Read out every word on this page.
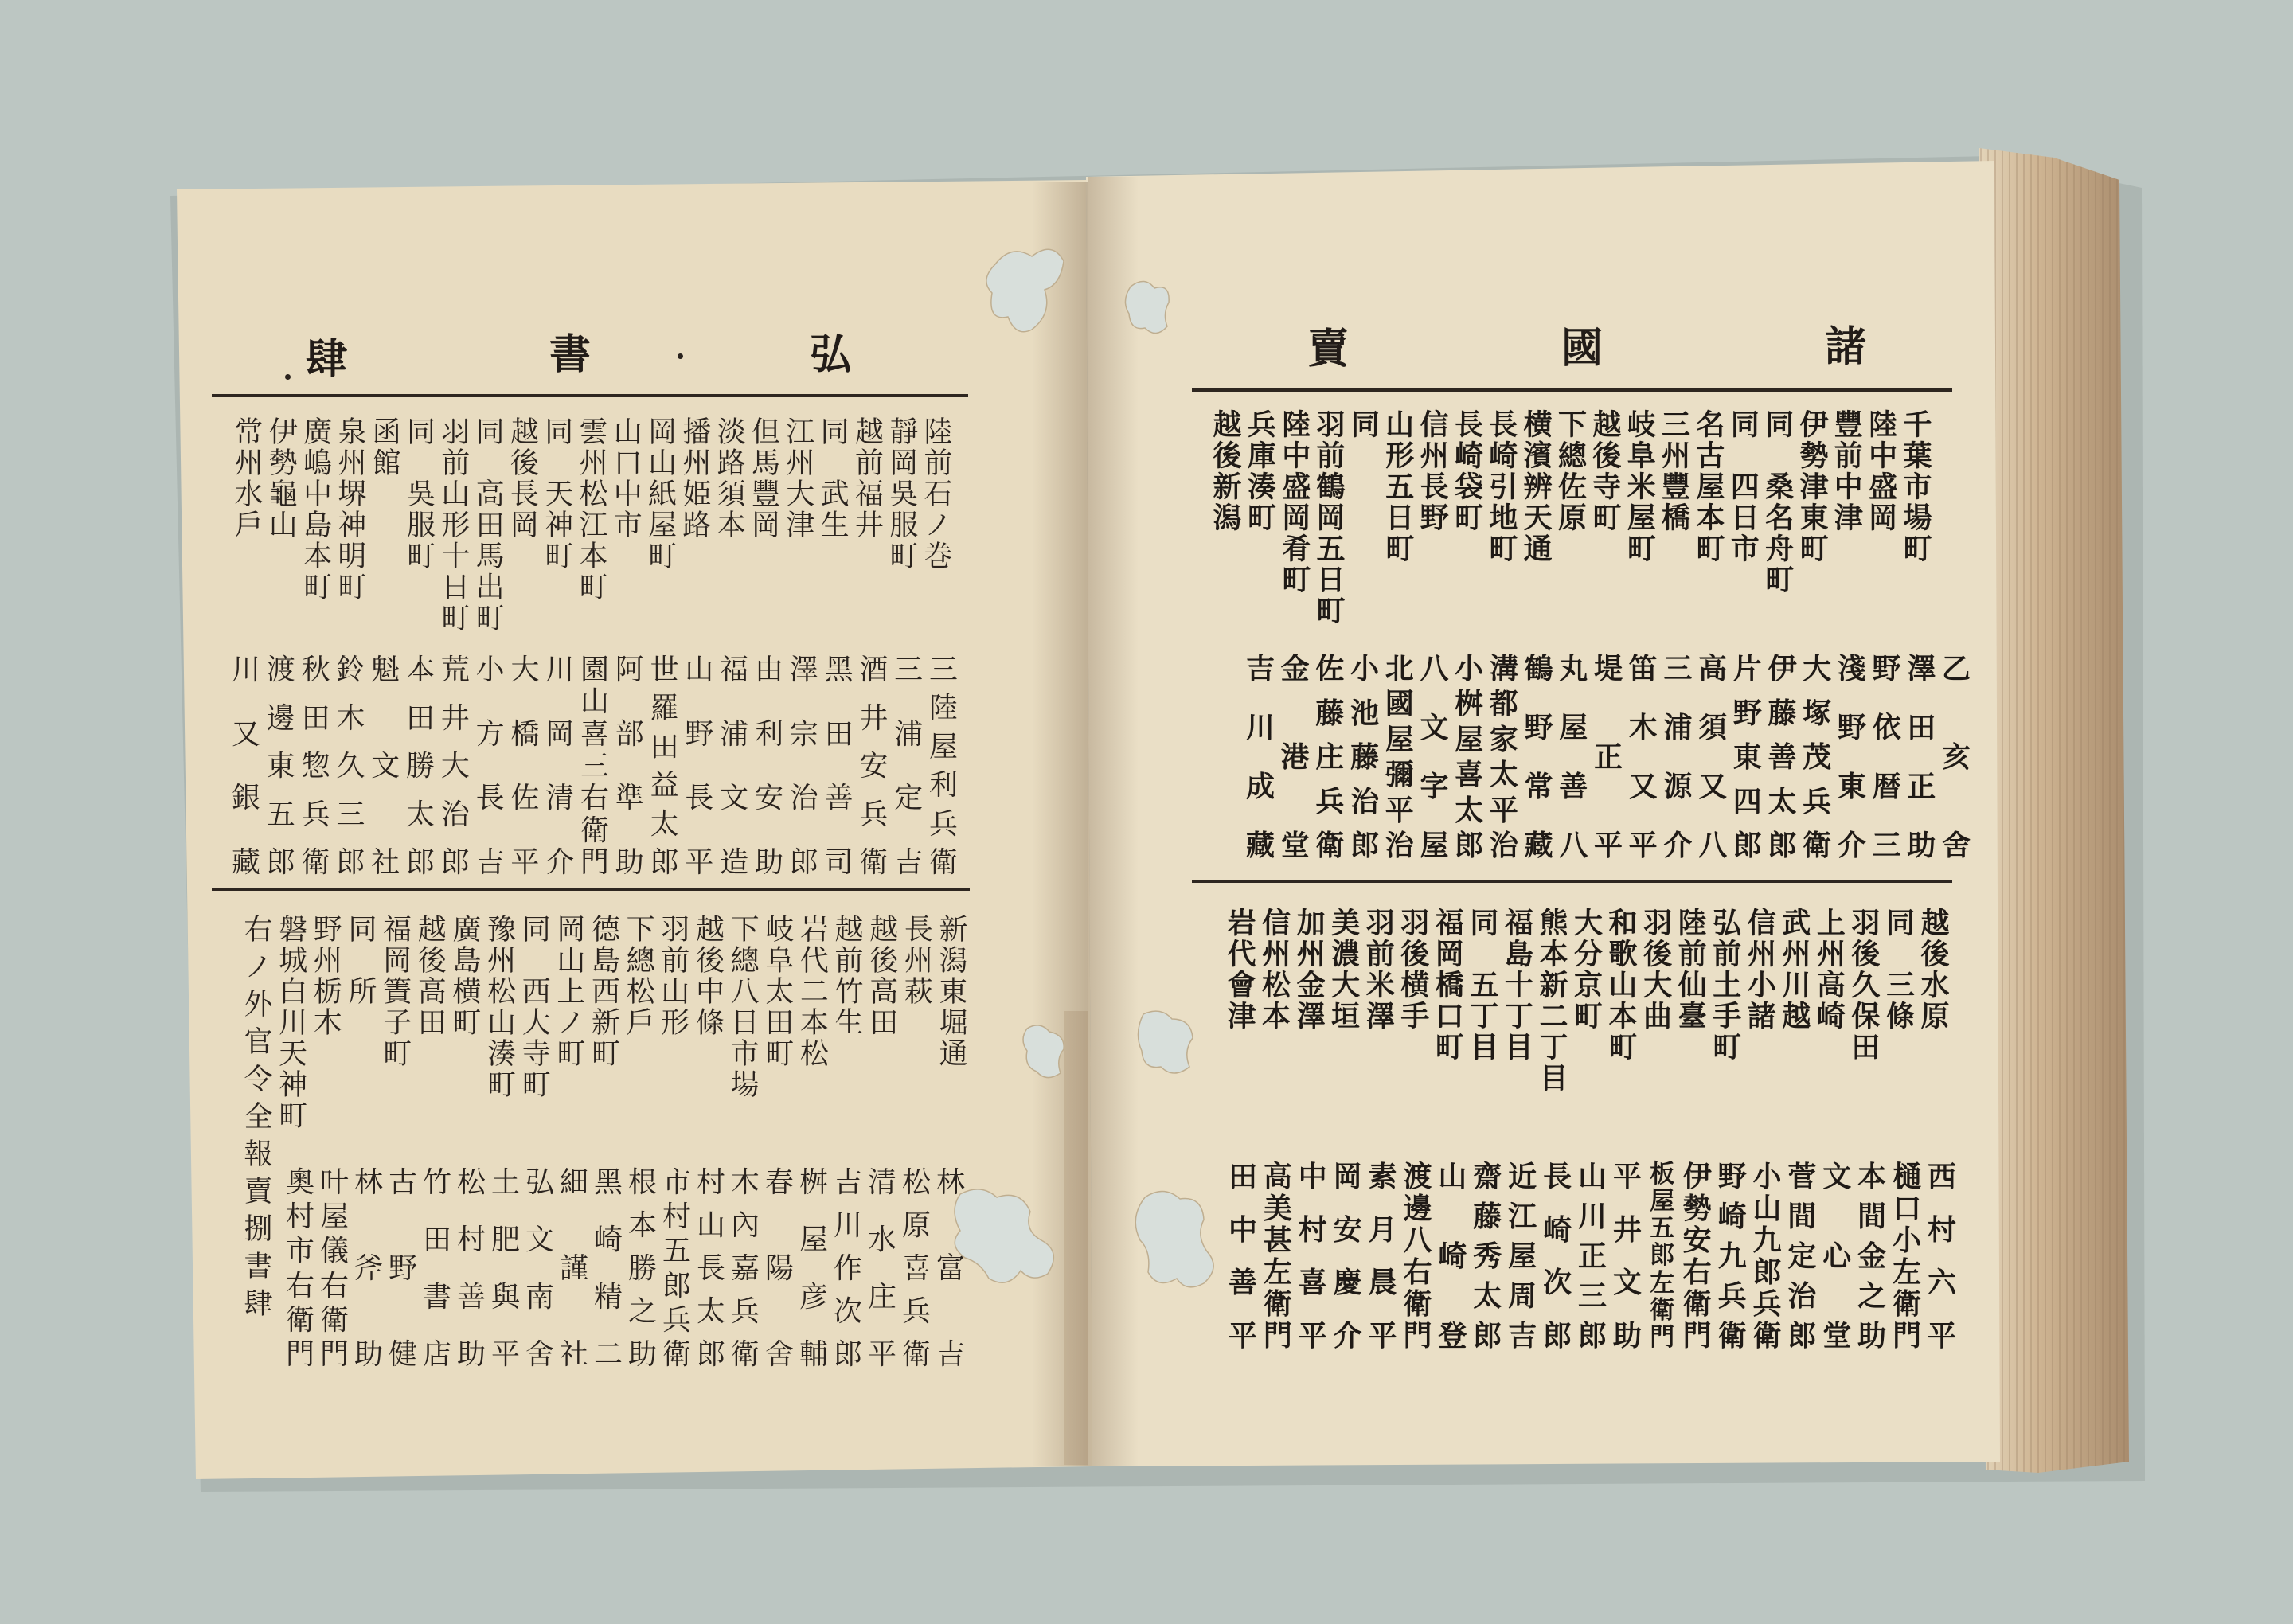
諸
國
賣
弘
書
肆
千葉市場町
陸中盛岡
豐前中津
伊勢津東町
同　桑名舟町
同　四日市
名古屋本町
三州豐橋
岐阜米屋町
越後寺町
下總佐原
横濱辨天通
長崎引地町
長崎袋町
信州長野
山形五日町
同
羽前鶴岡五日町
陸中盛岡肴町
兵庫湊町
越後新潟
乙
亥
舍
澤
田
正
助
野
依
暦
三
淺
野
東
介
大
塚
茂
兵
衛
伊
藤
善
太
郎
片
野
東
四
郎
高
須
又
八
三
浦
源
介
笛
木
又
平
堤
正
平
丸
屋
善
八
鶴
野
常
藏
溝
都
家
太
平
治
小
桝
屋
喜
太
郎
八
文
字
屋
北
國
屋
彌
平
治
小
池
藤
治
郎
佐
藤
庄
兵
衛
金
港
堂
吉
川
成
藏
越後水原
同　三條
羽後久保田
上州高崎
武州川越
信州小諸
弘前土手町
陸前仙臺
羽後大曲
和歌山本町
大分京町
熊本新二丁目
福島十丁目
同　五丁目
福岡橋口町
羽後横手
羽前米澤
美濃大垣
加州金澤
信州松本
岩代會津
西
村
六
平
樋
口
小
左
衛
門
本
間
金
之
助
文
心
堂
菅
間
定
治
郎
小
山
九
郎
兵
衛
野
崎
九
兵
衛
伊
勢
安
右
衛
門
板
屋
五
郎
左
衛
門
平
井
文
助
山
川
正
三
郎
長
崎
次
郎
近
江
屋
周
吉
齋
藤
秀
太
郎
山
崎
登
渡
邊
八
右
衛
門
素
月
晨
平
岡
安
慶
介
中
村
喜
平
高
美
甚
左
衛
門
田
中
善
平
陸前石ノ巻
靜岡吳服町
越前福井
同　武生
江州大津
但馬豐岡
淡路須本
播州姫路
岡山紙屋町
山口中市
雲州松江本町
同　天神町
越後長岡
同　高田馬出町
羽前山形十日町
同　吳服町
函館
泉州堺神明町
廣嶋中島本町
伊勢龜山
常州水戶
三
陸
屋
利
兵
衛
三
浦
定
吉
酒
井
安
兵
衛
黑
田
善
司
澤
宗
治
郎
由
利
安
助
福
浦
文
造
山
野
長
平
世
羅
田
益
太
郎
阿
部
準
助
園
山
喜
三
右
衛
門
川
岡
清
介
大
橋
佐
平
小
方
長
吉
荒
井
大
治
郎
本
田
勝
太
郎
魁
文
社
鈴
木
久
三
郎
秋
田
惣
兵
衛
渡
邊
東
五
郎
川
又
銀
藏
新潟東堀通
長州萩
越後高田
越前竹生
岩代二本松
岐阜太田町
下總八日市場
越後中條
羽前山形
下總松戶
德島西新町
岡山上ノ町
同　西大寺町
豫州松山湊町
廣島横町
越後高田
福岡簀子町
同　所
野州栃木
磐城白川天神町
右ノ外官令全報賣捌書肆	林
富
吉
松
原
喜
兵
衛
清
水
庄
平
吉
川
作
次
郎
桝
屋
彦
輔
春
陽
舍
木
內
嘉
兵
衛
村
山
長
太
郎
市
村
五
郎
兵
衛
根
本
勝
之
助
黑
崎
精
二
細
謹
社
弘
文
南
舍
土
肥
與
平
松
村
善
助
竹
田
書
店
古
野
健
林
斧
助
叶
屋
儀
右
衛
門
奧
村
市
右
衛
門
